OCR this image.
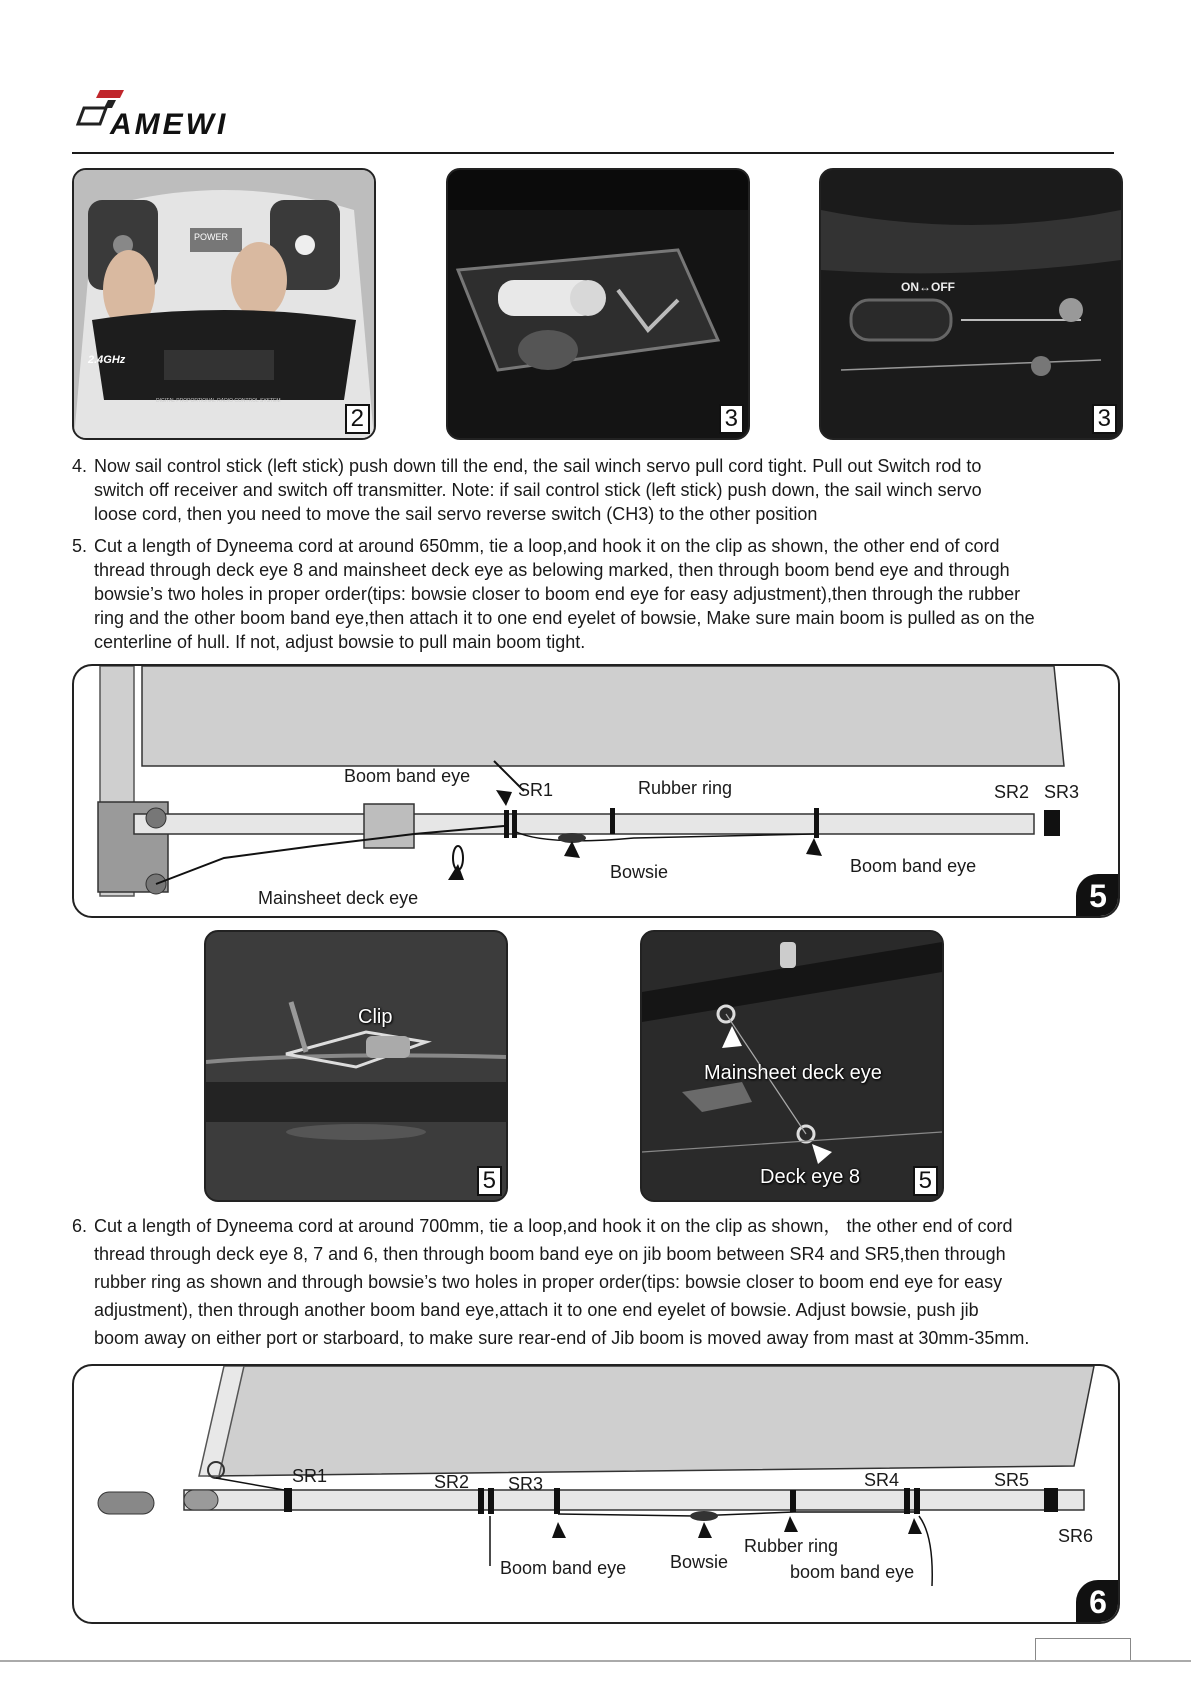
AMEWI
POWER
2.4GHz
DIGITAL PROPORTIONAL RADIO CONTROL SYSTEM
2	3
ON↔OFF
3
4. Now sail control stick (left stick) push down till the end, the sail winch servo pull cord tight. Pull out Switch rod to
switch off receiver and switch off transmitter. Note: if sail control stick (left stick) push down, the sail winch servo
loose cord, then you need to move the sail servo reverse switch (CH3) to the other position
5. Cut a length of Dyneema cord at around 650mm, tie a loop,and hook it on the clip as shown, the other end of cord
thread through deck eye 8 and mainsheet deck eye as belowing marked, then through boom bend eye and through
bowsie’s two holes in proper order(tips: bowsie closer to boom end eye for easy adjustment),then through the rubber
ring and the other boom band eye,then attach it to one end eyelet of bowsie, Make sure main boom is pulled as on the
centerline of hull. If not, adjust bowsie to pull main boom tight.
Boom band eye
SR1	Rubber ring	SR2 SR3
Bowsie	Boom band eye
Mainsheet deck eye	5
Clip
5
Mainsheet deck eye
Deck eye 8 5
6. Cut a length of Dyneema cord at around 700mm, tie a loop,and hook it on the clip as shown， the other end of cord
thread through deck eye 8, 7 and 6, then through boom band eye on jib boom between SR4 and SR5,then through
rubber ring as shown and through bowsie’s two holes in proper order(tips: bowsie closer to boom end eye for easy
adjustment), then through another boom band eye,attach it to one end eyelet of bowsie. Adjust bowsie, push jib
boom away on either port or starboard, to make sure rear-end of Jib boom is moved away from mast at 30mm-35mm.
SR1	SR2 SR3	SR4	SR5
SR6
Boom band eye Bowsie
Rubber ring
boom band eye
6
